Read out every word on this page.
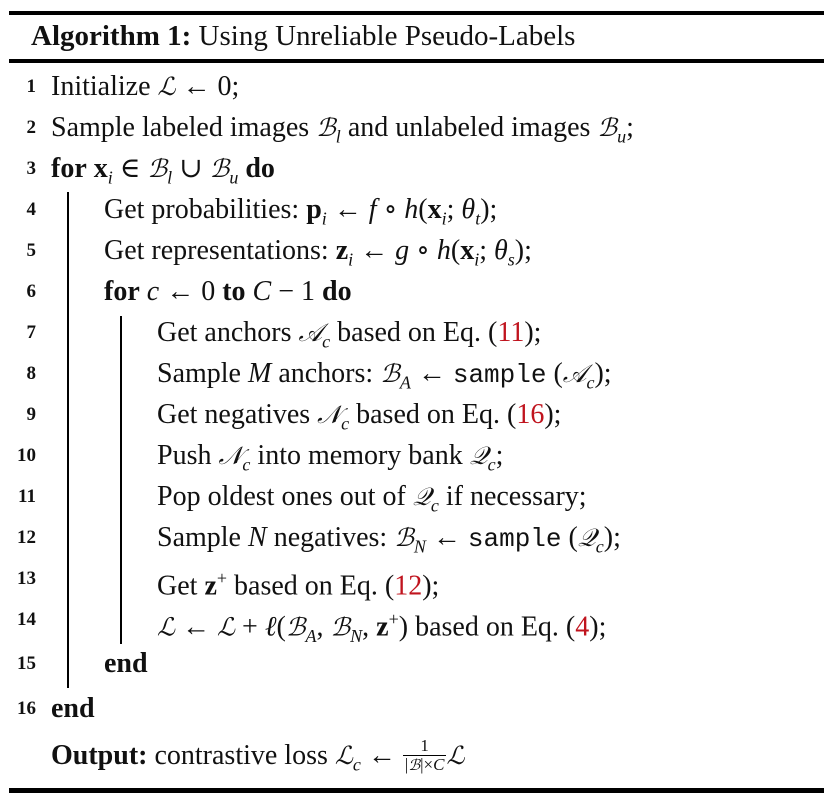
Algorithm 1: Using Unreliable Pseudo-Labels
1 Initialize ℒ ← 0;
2 Sample labeled images ℬ$_l$ and unlabeled images ℬ$_u$;
3 for $x_i$ ∈ ℬ$_l$ ∪ ℬ$_u$ do
4 Get probabilities: $p_i$ ← f ∘ $h(x_i$; $\theta_t$);
5 Get representations: $z_i$ ← g ∘ $h(x_i$; $\theta_s$);
6 for c ← 0 to C − 1 do
7	Get anchors 𝒜$_c$ based on Eq. (11);
8	Sample M anchors: ℬ$_A$ ← sample (𝒜$_c$);
9	Get negatives 𝒩$_c$ based on Eq. (16);
10	Push 𝒩$_c$ into memory bank 𝒬$_c$;
11	Pop oldest ones out of 𝒬$_c$ if necessary;
12	Sample N negatives: ℬ$_N$ ← sample (𝒬$_c$);
13	Get z+ based on Eq. (12);
14	ℒ ← ℒ + ℓ(ℬ$_A$, ℬ$_N$, z+) based on Eq. (4);
15 end
16 end
Output: contrastive loss ℒ$_c$ ← $\frac{1}{\text{|ℬ|×C}}$ ℒ
